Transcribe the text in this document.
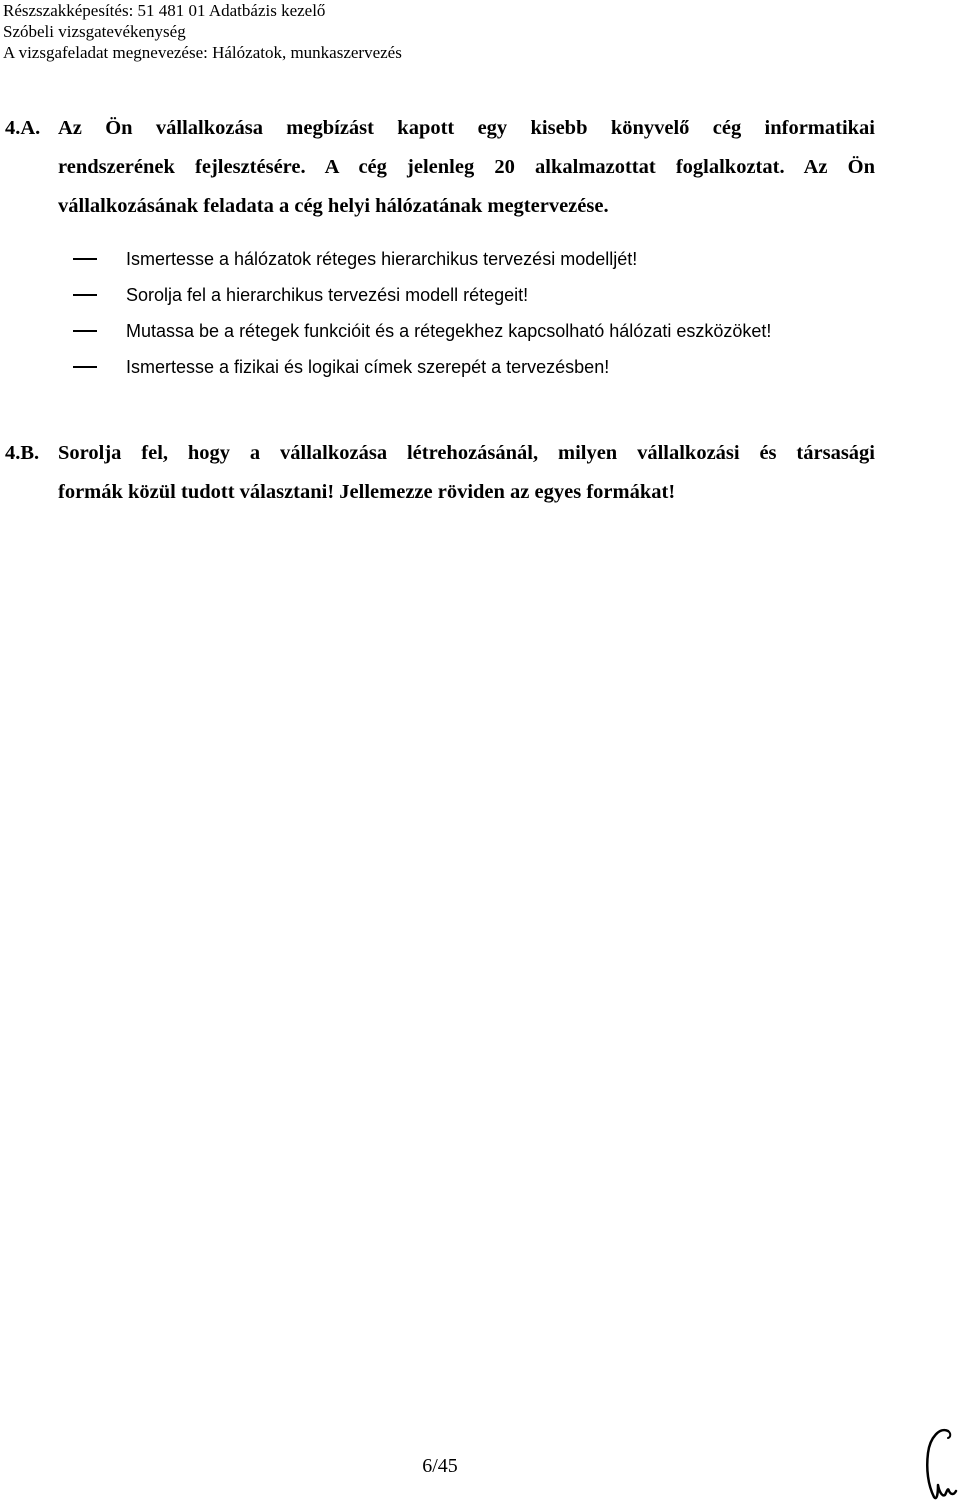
Részszakképesítés: 51 481 01 Adatbázis kezelő
Szóbeli vizsgatevékenység
A vizsgafeladat megnevezése: Hálózatok, munkaszervezés

4.A. Az Ön vállalkozása megbízást kapott egy kisebb könyvelő cég informatikai

rendszerének fejlesztésére. A cég jelenleg 20 alkalmazottat foglalkoztat. Az Ön vállalkozásának feladata a cég helyi hálózatának megtervezése.

Ismertesse a hálózatok réteges hierarchikus tervezési modelljét!
Sorolja fel a hierarchikus tervezési modell rétegeit!
Mutassa be a rétegek funkcióit és a rétegekhez kapcsolható hálózati eszközöket!
Ismertesse a fizikai és logikai címek szerepét a tervezésben!

4.B. Sorolja fel, hogy a vállalkozása létrehozásánál, milyen vállalkozási és társasági

formák közül tudott választani! Jellemezze röviden az egyes formákat!

6/45
